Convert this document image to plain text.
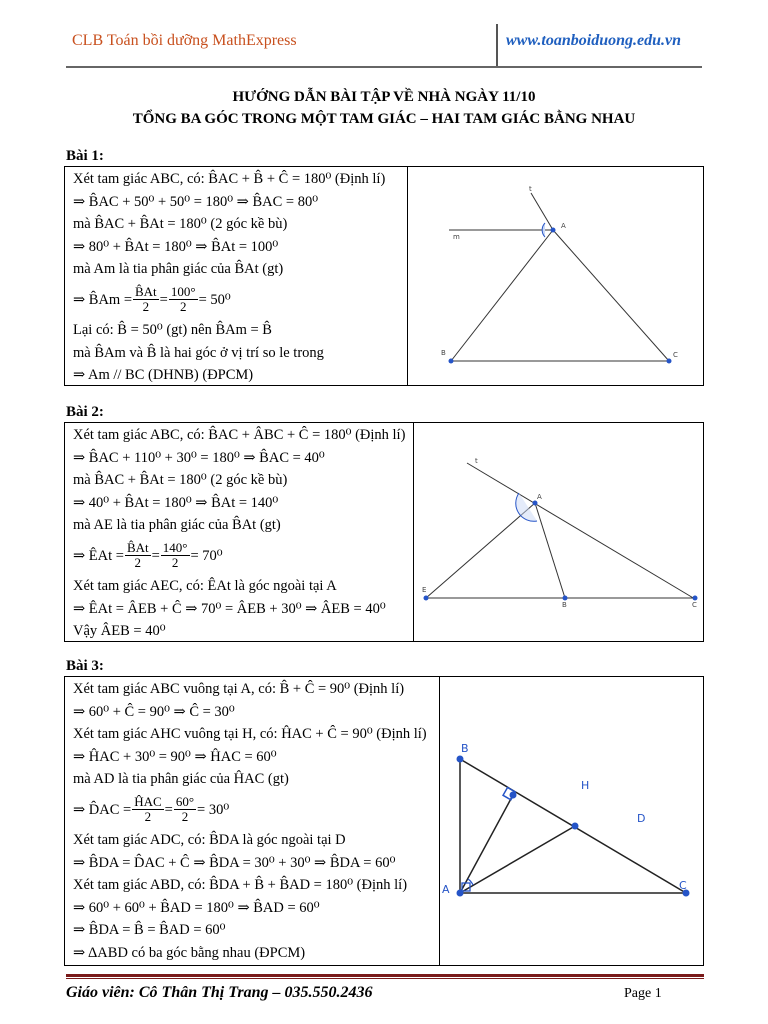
CLB Toán bồi dưỡng MathExpress	www.toanboiduong.edu.vn
HƯỚNG DẪN BÀI TẬP VỀ NHÀ NGÀY 11/10
TỔNG BA GÓC TRONG MỘT TAM GIÁC – HAI TAM GIÁC BẰNG NHAU
Bài 1:
Xét tam giác ABC, có: B̂AC + B̂ + Ĉ = 180⁰ (Định lí)
⇒ B̂AC + 50⁰ + 50⁰ = 180⁰ ⇒ B̂AC = 80⁰
mà B̂AC + B̂At = 180⁰ (2 góc kề bù)
⇒ 80⁰ + B̂At = 180⁰ ⇒ B̂At = 100⁰
mà Am là tia phân giác của B̂At (gt)
⇒ B̂Am = $\frac{B̂At}{2} = \frac{100^\circ}{2} = 50^0$
Lại có: B̂ = 50⁰ (gt) nên B̂Am = B̂
mà B̂Am và B̂ là hai góc ở vị trí so le trong
⇒ Am // BC (DHNB) (ĐPCM)
t
m
A
B	C
Bài 2:
Xét tam giác ABC, có: B̂AC + ÂBC + Ĉ = 180⁰ (Định lí)
⇒ B̂AC + 110⁰ + 30⁰ = 180⁰ ⇒ B̂AC = 40⁰
mà B̂AC + B̂At = 180⁰ (2 góc kề bù)
⇒ 40⁰ + B̂At = 180⁰ ⇒ B̂At = 140⁰
mà AE là tia phân giác của B̂At (gt)
⇒ ÊAt = $\frac{B̂At}{2} = \frac{140^\circ}{2} = 70^0$
Xét tam giác AEC, có: ÊAt là góc ngoài tại A
⇒ ÊAt = ÂEB + Ĉ ⇒ 70⁰ = ÂEB + 30⁰ ⇒ ÂEB = 40⁰
Vậy ÂEB = 40⁰
t
A
E
B	C
Bài 3:
Xét tam giác ABC vuông tại A, có: B̂ + Ĉ = 90⁰ (Định lí)
⇒ 60⁰ + Ĉ = 90⁰ ⇒ Ĉ = 30⁰
Xét tam giác AHC vuông tại H, có: ĤAC + Ĉ = 90⁰ (Định lí)
⇒ ĤAC + 30⁰ = 90⁰ ⇒ ĤAC = 60⁰
mà AD là tia phân giác của ĤAC (gt)
⇒ D̂AC = $\frac{\text{ĤAC}}{2} = \frac{60^\circ}{2} = 30^0$
Xét tam giác ADC, có: B̂DA là góc ngoài tại D
⇒ B̂DA = D̂AC + Ĉ ⇒ B̂DA = 30⁰ + 30⁰ ⇒ B̂DA = 60⁰
Xét tam giác ABD, có: B̂DA + B̂ + B̂AD = 180⁰ (Định lí)
⇒ 60⁰ + 60⁰ + B̂AD = 180⁰ ⇒ B̂AD = 60⁰
⇒ B̂DA = B̂ = B̂AD = 60⁰
⇒ ΔABD có ba góc bằng nhau (ĐPCM)
B
H
D
A	C
Giáo viên: Cô Thân Thị Trang – 035.550.2436	Page 1
